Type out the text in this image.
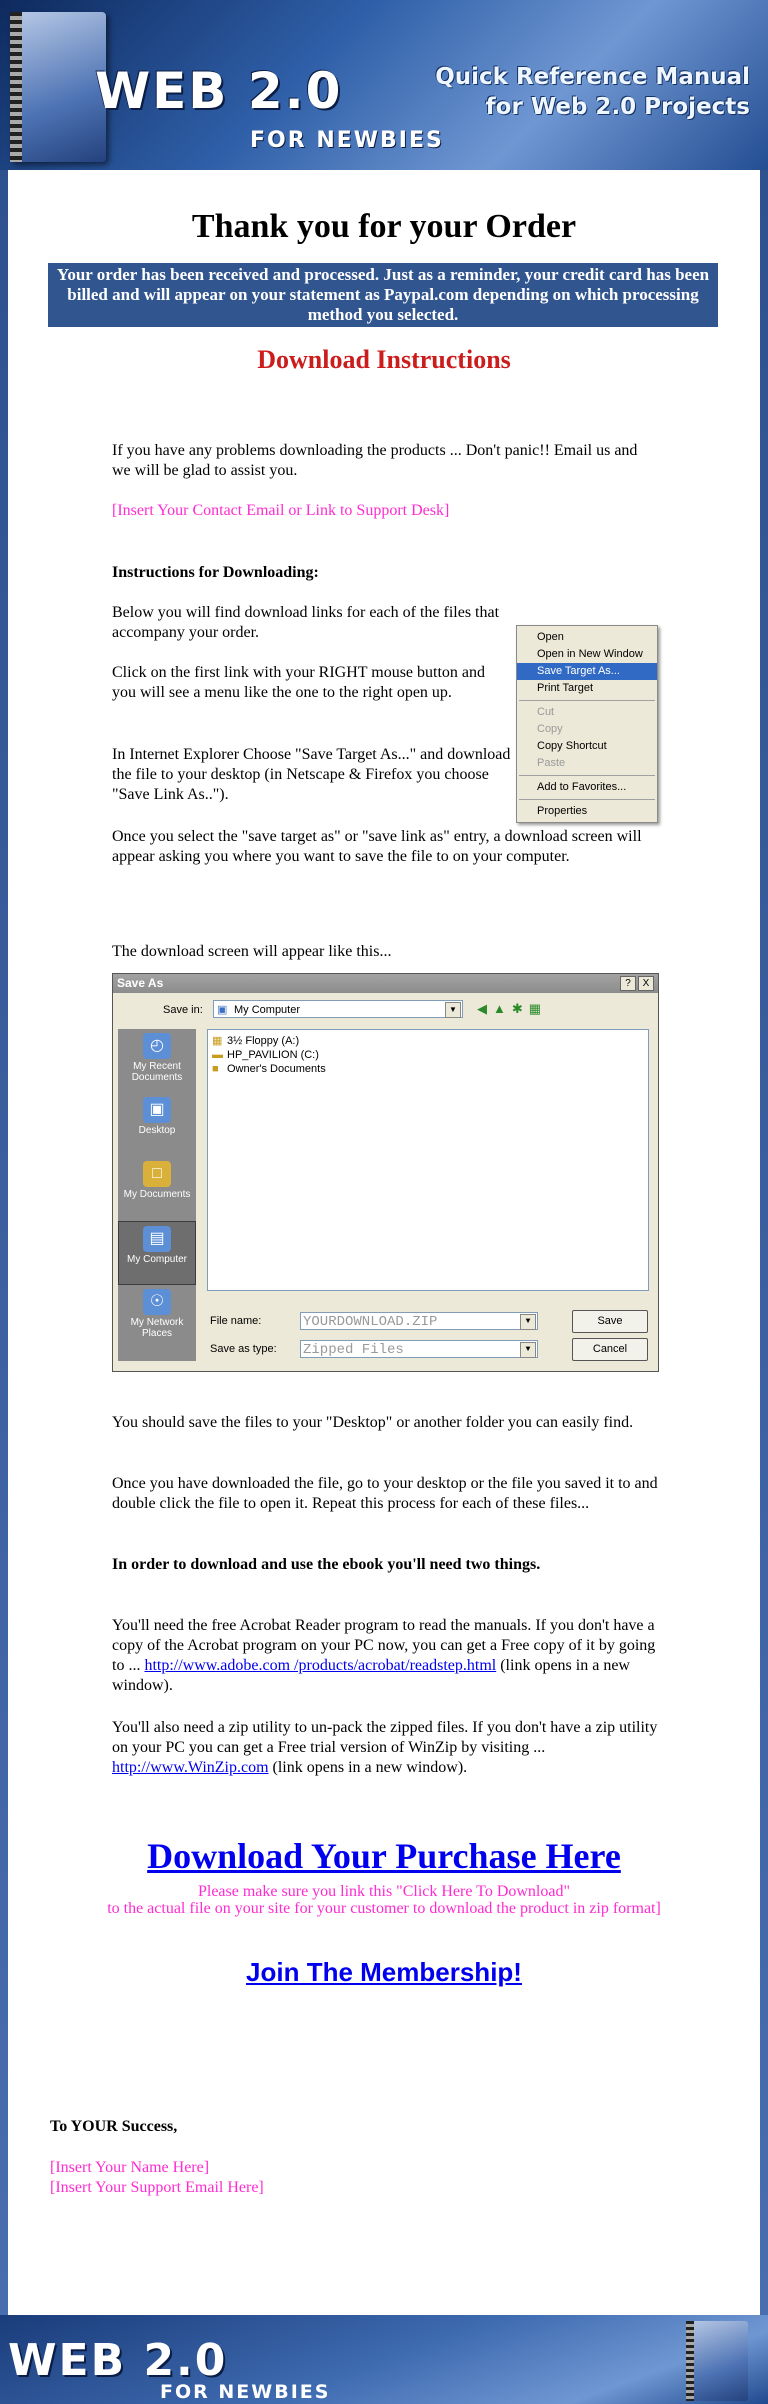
WEB 2.0
FOR NEWBIES
Quick Reference Manual
for Web 2.0 Projects
Thank you for your Order
Your order has been received and processed. Just as a reminder, your credit card has been billed and will appear on your statement as Paypal.com depending on which processing method you selected.
Download Instructions
If you have any problems downloading the products ... Don't panic!! Email us and we will be glad to assist you.
[Insert Your Contact Email or Link to Support Desk]
Instructions for Downloading:
Below you will find download links for each of the files that accompany your order.
Click on the first link with your RIGHT mouse button and you will see a menu like the one to the right open up.
In Internet Explorer Choose "Save Target As..." and download the file to your desktop (in Netscape & Firefox you choose "Save Link As..").
Once you select the "save target as" or "save link as" entry, a download screen will appear asking you where you want to save the file to on your computer.
The download screen will appear like this...
Open
Open in New Window
Save Target As...
Print Target
Cut
Copy
Copy Shortcut
Paste
Add to Favorites...
Properties
Save As	?	X
Save in: ▣ My Computer	▼	◀▲✱▦
◴
My Recent Documents
▣
Desktop
□
My Documents
▤
My Computer
☉
My Network Places
▦ 3½ Floppy (A:)
▬ HP_PAVILION (C:)
■ Owner's Documents
File name:	YOURDOWNLOAD.ZIP	▼
Save as type: Zipped Files	▼
Save
Cancel
You should save the files to your "Desktop" or another folder you can easily find.
Once you have downloaded the file, go to your desktop or the file you saved it to and double click the file to open it. Repeat this process for each of these files...
In order to download and use the ebook you'll need two things.
You'll need the free Acrobat Reader program to read the manuals. If you don't have a copy of the Acrobat program on your PC now, you can get a Free copy of it by going to ... http://www.adobe.com /products/acrobat/readstep.html (link opens in a new window).
You'll also need a zip utility to un-pack the zipped files. If you don't have a zip utility on your PC you can get a Free trial version of WinZip by visiting ... http://www.WinZip.com (link opens in a new window).
Download Your Purchase Here
Please make sure you link this "Click Here To Download"
to the actual file on your site for your customer to download the product in zip format]
Join The Membership!
To YOUR Success,
[Insert Your Name Here]
[Insert Your Support Email Here]
WEB 2.0
FOR NEWBIES
